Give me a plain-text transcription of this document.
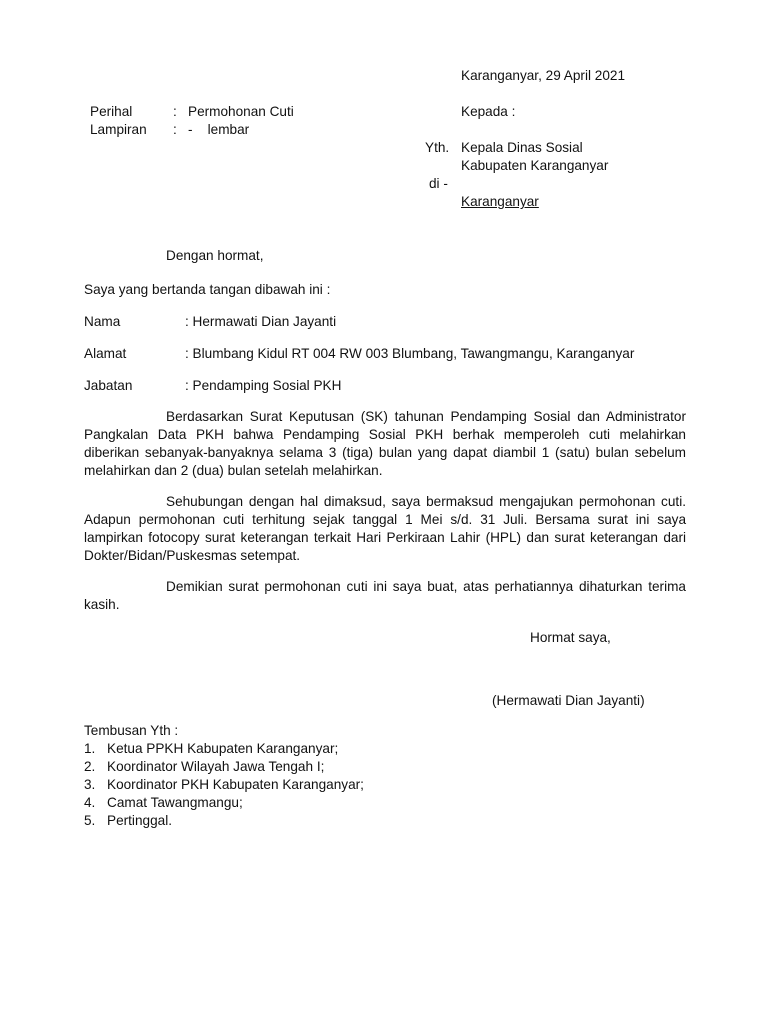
Karanganyar, 29 April 2021
Perihal	: Permohonan Cuti
Lampiran : -    lembar
Kepada :
Yth. Kepala Dinas Sosial
Kabupaten Karanganyar
di -
Karanganyar
Dengan hormat,
Saya yang bertanda tangan dibawah ini :
Nama	: Hermawati Dian Jayanti
Alamat	: Blumbang Kidul RT 004 RW 003 Blumbang, Tawangmangu, Karanganyar
Jabatan	: Pendamping Sosial PKH
Berdasarkan Surat Keputusan (SK) tahunan Pendamping Sosial dan Administrator Pangkalan Data PKH bahwa Pendamping Sosial PKH berhak memperoleh cuti melahirkan diberikan sebanyak-banyaknya selama 3 (tiga) bulan yang dapat diambil 1 (satu) bulan sebelum melahirkan dan 2 (dua) bulan setelah melahirkan.
Sehubungan dengan hal dimaksud, saya bermaksud mengajukan permohonan cuti. Adapun permohonan cuti terhitung sejak tanggal 1 Mei s/d. 31 Juli. Bersama surat ini saya lampirkan fotocopy surat keterangan terkait Hari Perkiraan Lahir (HPL) dan surat keterangan dari Dokter/Bidan/Puskesmas setempat.
Demikian surat permohonan cuti ini saya buat, atas perhatiannya dihaturkan terima kasih.
Hormat saya,
(Hermawati Dian Jayanti)
Tembusan Yth :
1. Ketua PPKH Kabupaten Karanganyar;
2. Koordinator Wilayah Jawa Tengah I;
3. Koordinator PKH Kabupaten Karanganyar;
4. Camat Tawangmangu;
5. Pertinggal.
